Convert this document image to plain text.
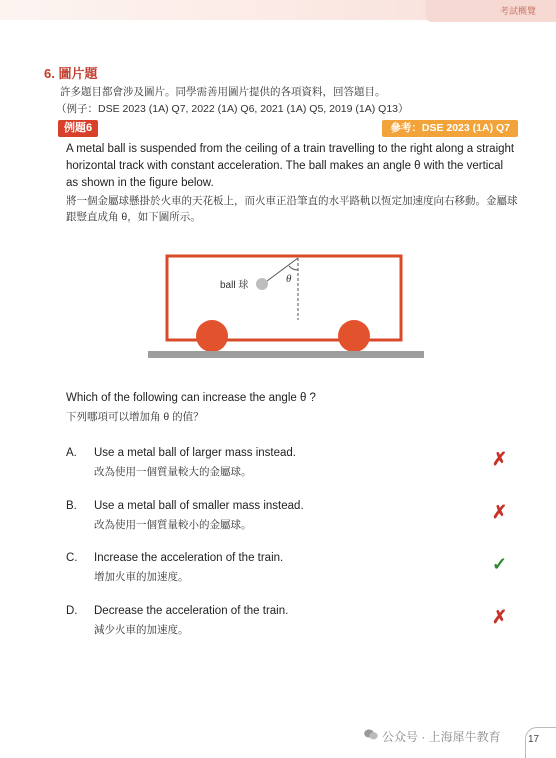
考試概覽
6. 圖片題
許多題目都會涉及圖片。同學需善用圖片提供的各項資料，回答題目。
（例子：DSE 2023 (1A) Q7, 2022 (1A) Q6, 2021 (1A) Q5, 2019 (1A) Q13）
例題6	參考：DSE 2023 (1A) Q7
A metal ball is suspended from the ceiling of a train travelling to the right along a straight horizontal track with constant acceleration. The ball makes an angle θ with the vertical as shown in the figure below.
將一個金屬球懸掛於火車的天花板上，而火車正沿筆直的水平路軌以恆定加速度向右移動。金屬球跟豎直成角 θ，如下圖所示。
ball 球
θ
Which of the following can increase the angle θ ?
下列哪項可以增加角 θ 的值？
A. Use a metal ball of larger mass instead.
改為使用一個質量較大的金屬球。
✗
B. Use a metal ball of smaller mass instead.
改為使用一個質量較小的金屬球。
✗
C. Increase the acceleration of the train.
增加火車的加速度。
✓
D. Decrease the acceleration of the train.
減少火車的加速度。
✗
公众号 · 上海犀牛教育	17
